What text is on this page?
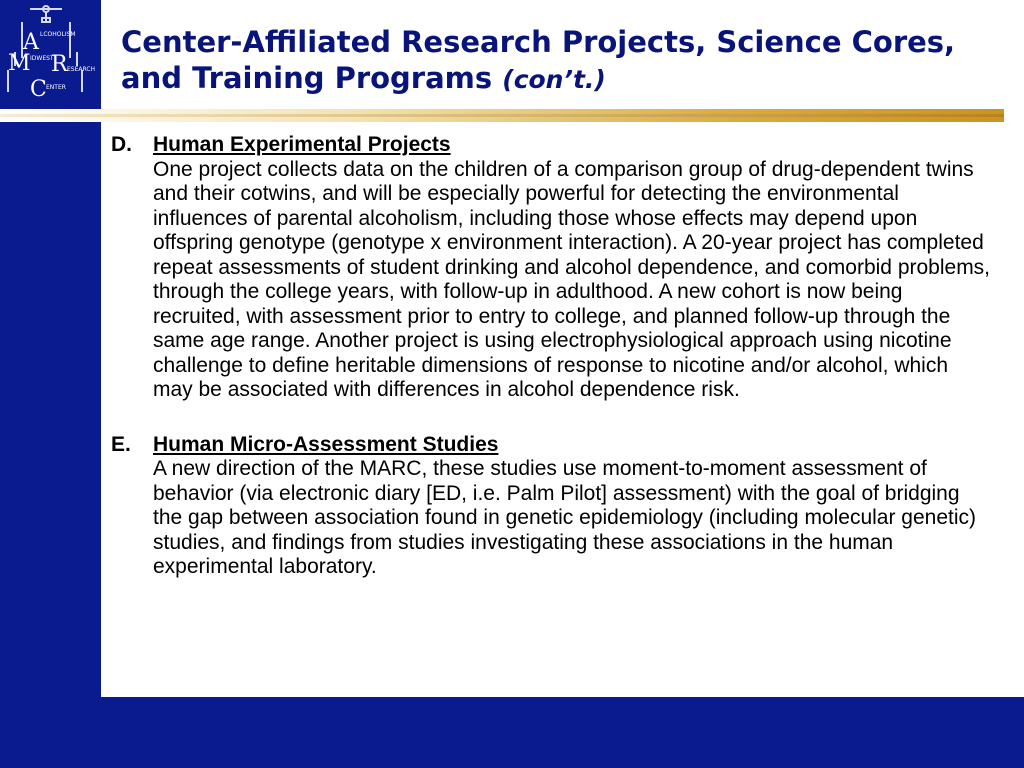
A
M R
C
LCOHOLISM
IDWEST
ESEARCH
ENTER
Center-Affiliated Research Projects, Science Cores, and Training Programs (con’t.)
D.	Human Experimental Projects
One project collects data on the children of a comparison group of drug-dependent twins and their cotwins, and will be especially powerful for detecting the environmental influences of parental alcoholism, including those whose effects may depend upon offspring genotype (genotype x environment interaction). A 20-year project has completed repeat assessments of student drinking and alcohol dependence, and comorbid problems, through the college years, with follow-up in adulthood. A new cohort is now being recruited, with assessment prior to entry to college, and planned follow-up through the same age range. Another project is using electrophysiological approach using nicotine challenge to define heritable dimensions of response to nicotine and/or alcohol, which may be associated with differences in alcohol dependence risk.
E.	Human Micro-Assessment Studies
A new direction of the MARC, these studies use moment-to-moment assessment of behavior (via electronic diary [ED, i.e. Palm Pilot] assessment) with the goal of bridging the gap between association found in genetic epidemiology (including molecular genetic) studies, and findings from studies investigating these associations in the human experimental laboratory.
